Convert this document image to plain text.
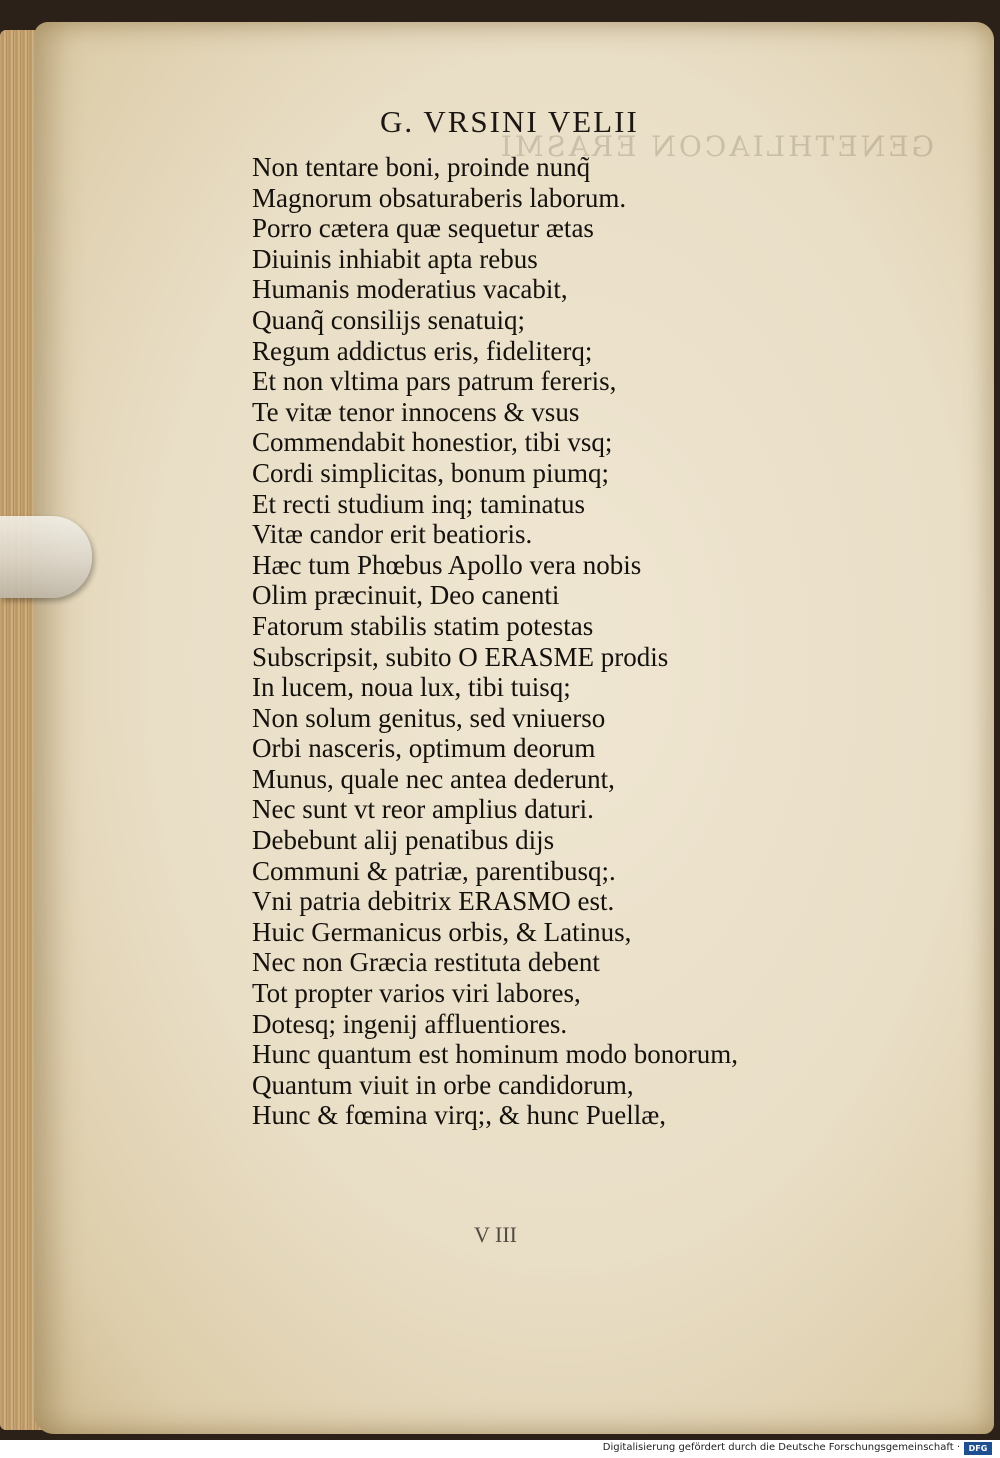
GENETHLIACON ERASMI
G. VRSINI VELII
Non tentare boni, proinde nunq̃
Magnorum obsaturaberis laborum.
Porro cætera quæ sequetur ætas
Diuinis inhiabit apta rebus
Humanis moderatius vacabit,
Quanq̃ consilijs senatuiq;
Regum addictus eris, fideliterq;
Et non vltima pars patrum fereris,
Te vitæ tenor innocens & vsus
Commendabit honestior, tibi vsq;
Cordi simplicitas, bonum piumq;
Et recti studium inq; taminatus
Vitæ candor erit beatioris.
Hæc tum Phœbus Apollo vera nobis
Olim præcinuit, Deo canenti
Fatorum stabilis statim potestas
Subscripsit, subito O ERASME prodis
In lucem, noua lux, tibi tuisq;
Non solum genitus, sed vniuerso
Orbi nasceris, optimum deorum
Munus, quale nec antea dederunt,
Nec sunt vt reor amplius daturi.
Debebunt alij penatibus dijs
Communi & patriæ, parentibusq;.
Vni patria debitrix ERASMO est.
Huic Germanicus orbis, & Latinus,
Nec non Græcia restituta debent
Tot propter varios viri labores,
Dotesq; ingenij affluentiores.
Hunc quantum est hominum modo bonorum,
Quantum viuit in orbe candidorum,
Hunc & fœmina virq;, & hunc Puellæ,
V III
Digitalisierung gefördert durch die Deutsche Forschungsgemeinschaft ·	DFG
